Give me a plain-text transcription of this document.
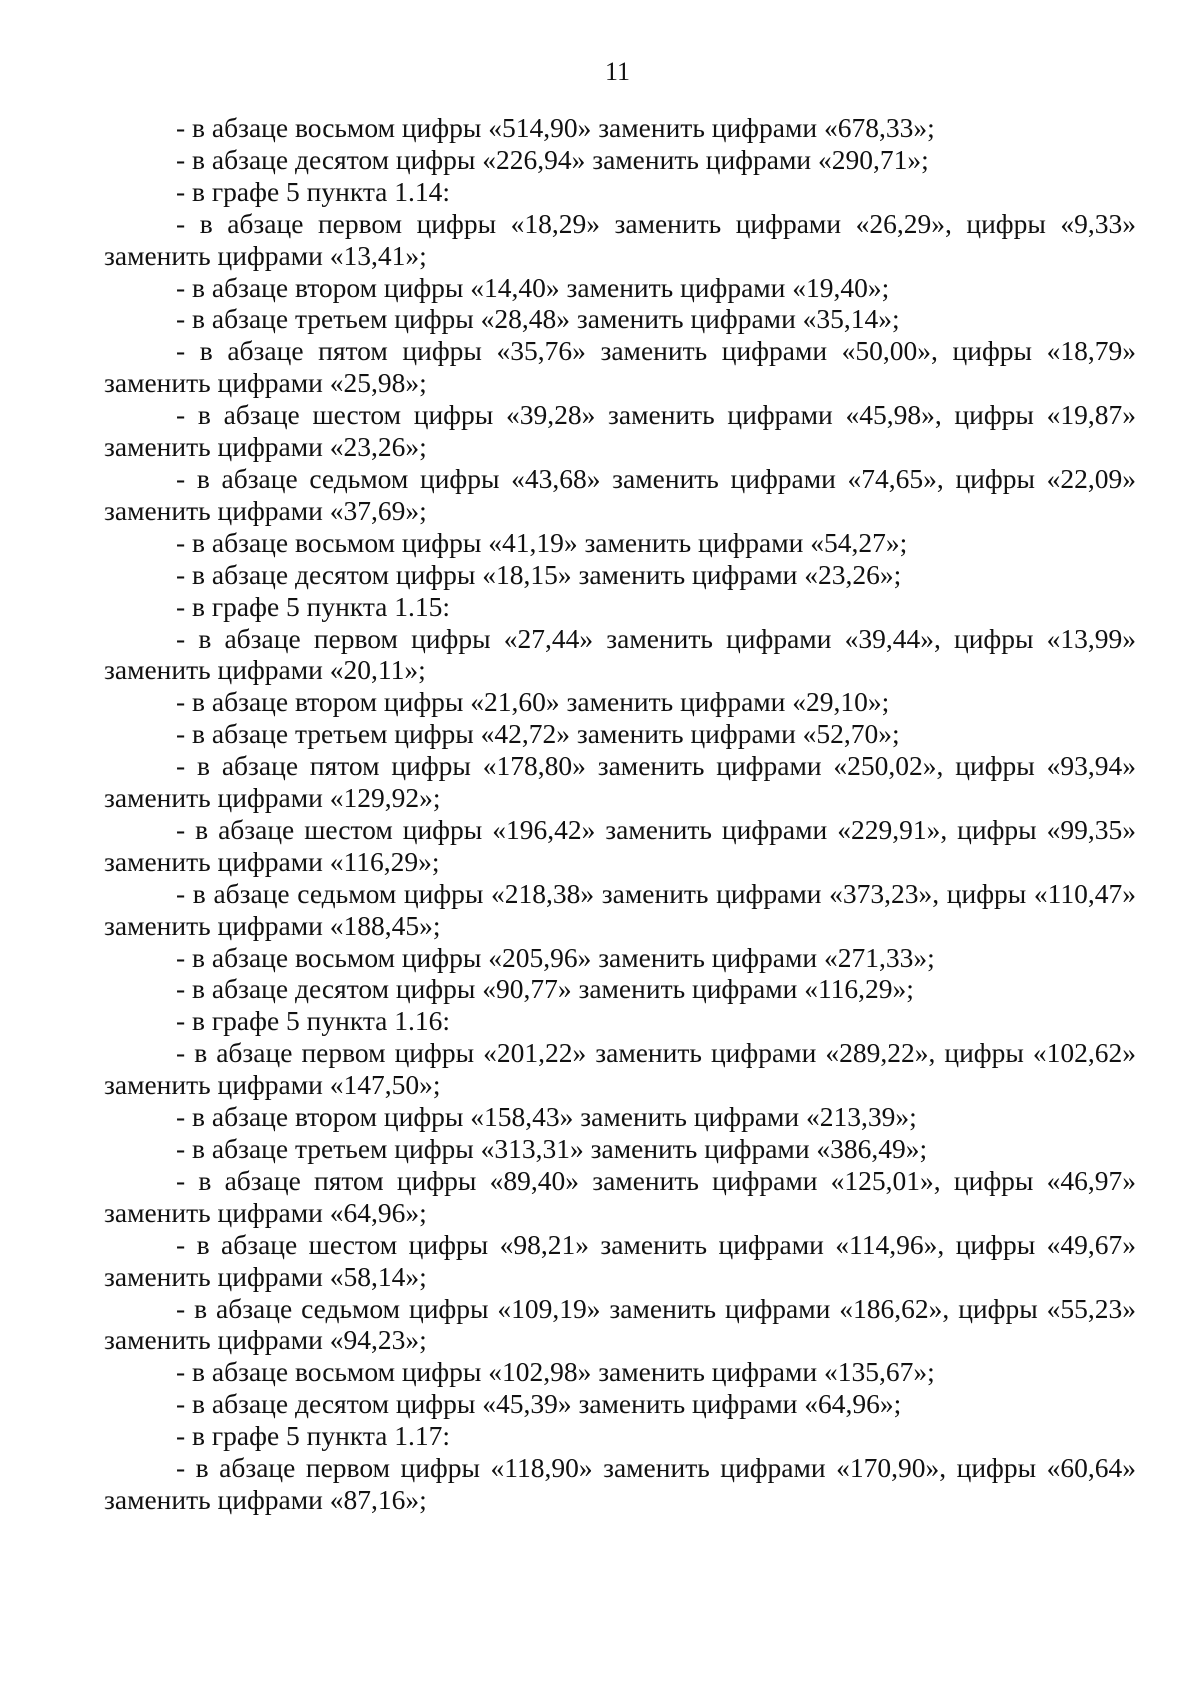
11

- в абзаце восьмом цифры «514,90» заменить цифрами «678,33»;

- в абзаце десятом цифры «226,94» заменить цифрами «290,71»;

- в графе 5 пункта 1.14:

- в абзаце первом цифры «18,29» заменить цифрами «26,29», цифры «9,33» заменить цифрами «13,41»;

- в абзаце втором цифры «14,40» заменить цифрами «19,40»;

- в абзаце третьем цифры «28,48» заменить цифрами «35,14»;

- в абзаце пятом цифры «35,76» заменить цифрами «50,00», цифры «18,79» заменить цифрами «25,98»;

- в абзаце шестом цифры «39,28» заменить цифрами «45,98», цифры «19,87» заменить цифрами «23,26»;

- в абзаце седьмом цифры «43,68» заменить цифрами «74,65», цифры «22,09» заменить цифрами «37,69»;

- в абзаце восьмом цифры «41,19» заменить цифрами «54,27»;

- в абзаце десятом цифры «18,15» заменить цифрами «23,26»;

- в графе 5 пункта 1.15:

- в абзаце первом цифры «27,44» заменить цифрами «39,44», цифры «13,99» заменить цифрами «20,11»;

- в абзаце втором цифры «21,60» заменить цифрами «29,10»;

- в абзаце третьем цифры «42,72» заменить цифрами «52,70»;

- в абзаце пятом цифры «178,80» заменить цифрами «250,02», цифры «93,94» заменить цифрами «129,92»;

- в абзаце шестом цифры «196,42» заменить цифрами «229,91», цифры «99,35» заменить цифрами «116,29»;

- в абзаце седьмом цифры «218,38» заменить цифрами «373,23», цифры «110,47» заменить цифрами «188,45»;

- в абзаце восьмом цифры «205,96» заменить цифрами «271,33»;

- в абзаце десятом цифры «90,77» заменить цифрами «116,29»;

- в графе 5 пункта 1.16:

- в абзаце первом цифры «201,22» заменить цифрами «289,22», цифры «102,62» заменить цифрами «147,50»;

- в абзаце втором цифры «158,43» заменить цифрами «213,39»;

- в абзаце третьем цифры «313,31» заменить цифрами «386,49»;

- в абзаце пятом цифры «89,40» заменить цифрами «125,01», цифры «46,97» заменить цифрами «64,96»;

- в абзаце шестом цифры «98,21» заменить цифрами «114,96», цифры «49,67» заменить цифрами «58,14»;

- в абзаце седьмом цифры «109,19» заменить цифрами «186,62», цифры «55,23» заменить цифрами «94,23»;

- в абзаце восьмом цифры «102,98» заменить цифрами «135,67»;

- в абзаце десятом цифры «45,39» заменить цифрами «64,96»;

- в графе 5 пункта 1.17:

- в абзаце первом цифры «118,90» заменить цифрами «170,90», цифры «60,64» заменить цифрами «87,16»;
